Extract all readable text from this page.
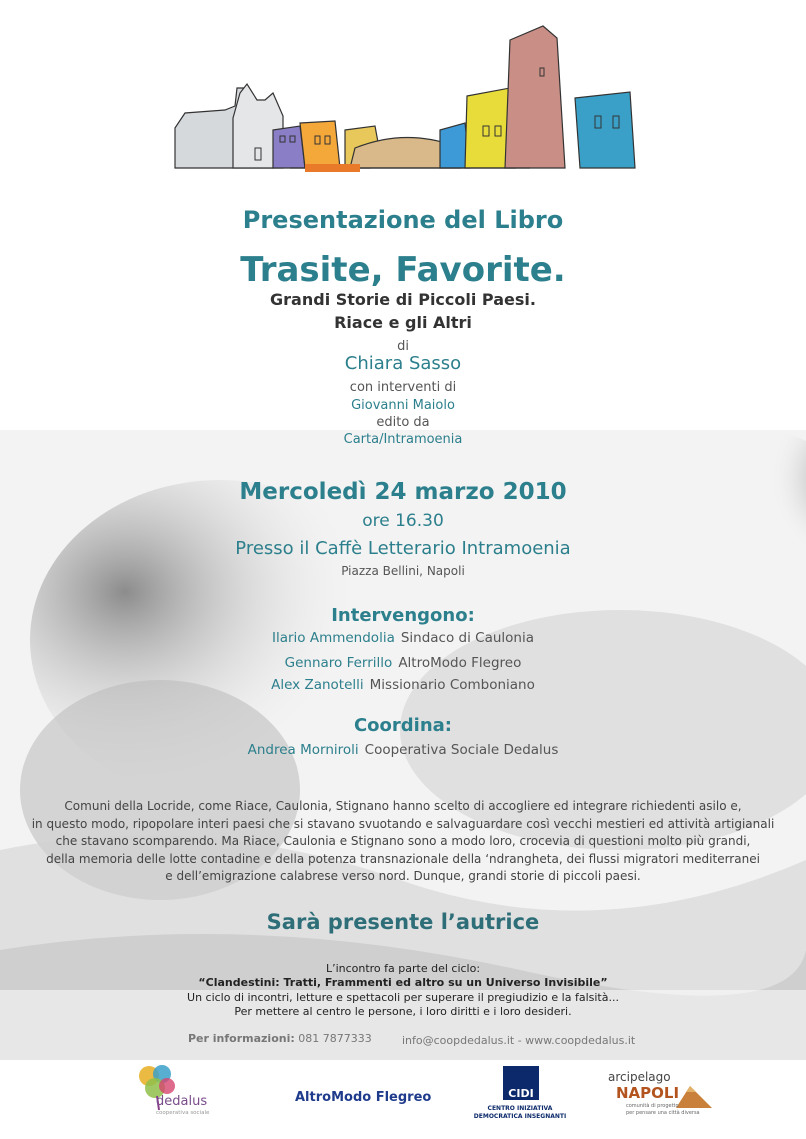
Presentazione del Libro
Trasite, Favorite.
Grandi Storie di Piccoli Paesi.
Riace e gli Altri
di
Chiara Sasso
con interventi di
Giovanni Maiolo
edito da
Carta/Intramoenia
Mercoledì 24 marzo 2010
ore 16.30
Presso il Caffè Letterario Intramoenia
Piazza Bellini, Napoli
Intervengono:
Ilario Ammendolia Sindaco di Caulonia
Gennaro Ferrillo AltroModo Flegreo
Alex Zanotelli Missionario Comboniano
Coordina:
Andrea Morniroli Cooperativa Sociale Dedalus
Comuni della Locride, come Riace, Caulonia, Stignano hanno scelto di accogliere ed integrare richiedenti asilo e,
in questo modo, ripopolare interi paesi che si stavano svuotando e salvaguardare così vecchi mestieri ed attività artigianali
che stavano scomparendo. Ma Riace, Caulonia e Stignano sono a modo loro, crocevia di questioni molto più grandi,
della memoria delle lotte contadine e della potenza transnazionale della ‘ndrangheta, dei flussi migratori mediterranei
e dell’emigrazione calabrese verso nord. Dunque, grandi storie di piccoli paesi.
Sarà presente l’autrice
L’incontro fa parte del ciclo:
“Clandestini: Tratti, Frammenti ed altro su un Universo Invisibile”
Un ciclo di incontri, letture e spettacoli per superare il pregiudizio e la falsità...
Per mettere al centro le persone, i loro diritti e i loro desideri.
Per informazioni: 081 7877333	info@coopdedalus.it - www.coopdedalus.it
dedalus
cooperativa sociale
AltroModo Flegreo	CIDI
CENTRO INIZIATIVA
DEMOCRATICA INSEGNANTI
arcipelago
NAPOLI
comunità di progetto
per pensare una città diversa
